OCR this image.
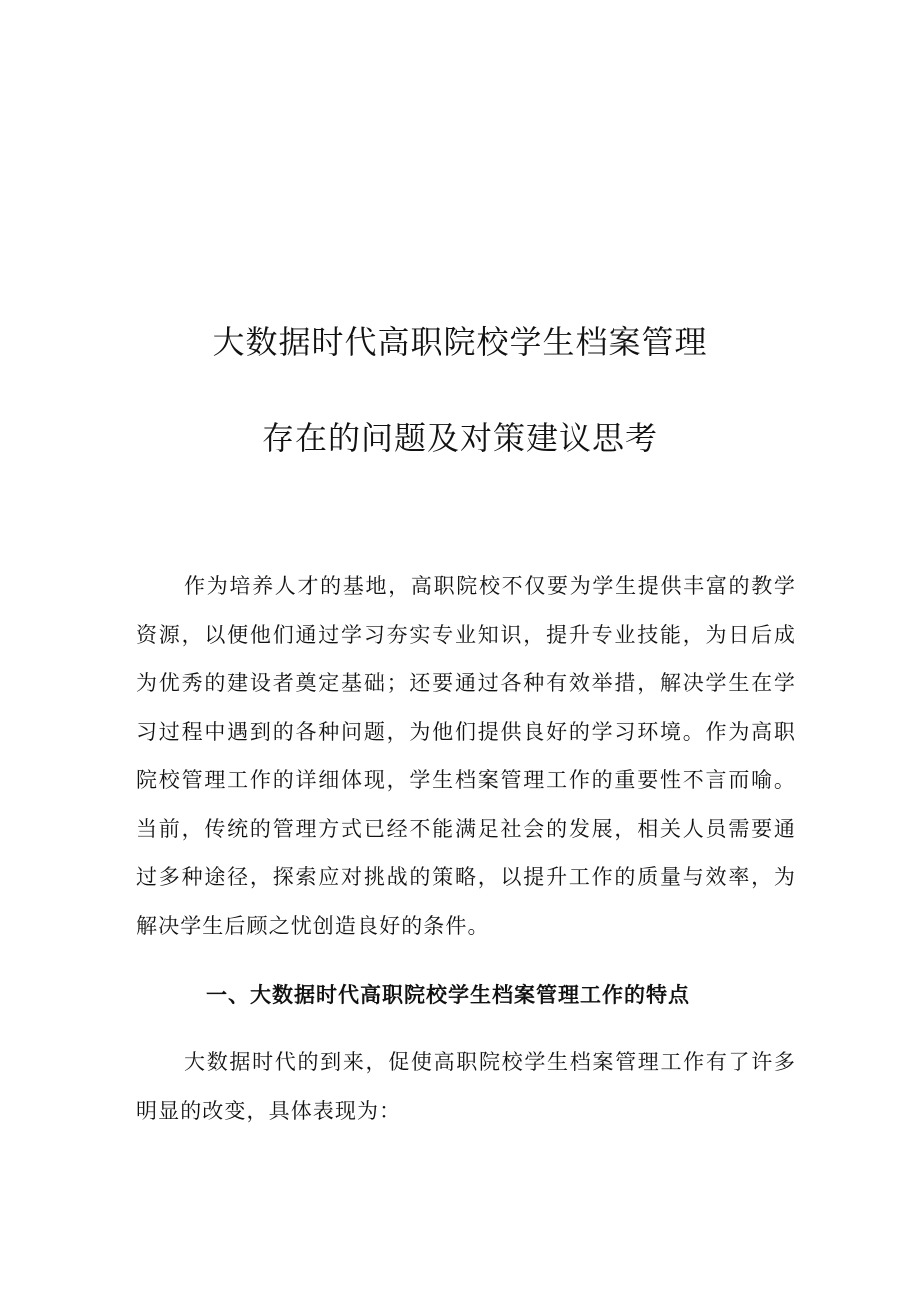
大数据时代高职院校学生档案管理
存在的问题及对策建议思考

作为培养人才的基地，高职院校不仅要为学生提供丰富的教学资源，以便他们通过学习夯实专业知识，提升专业技能，为日后成为优秀的建设者奠定基础；还要通过各种有效举措，解决学生在学习过程中遇到的各种问题，为他们提供良好的学习环境。作为高职院校管理工作的详细体现，学生档案管理工作的重要性不言而喻。当前，传统的管理方式已经不能满足社会的发展，相关人员需要通过多种途径，探索应对挑战的策略，以提升工作的质量与效率，为解决学生后顾之忧创造良好的条件。

一、大数据时代高职院校学生档案管理工作的特点

大数据时代的到来，促使高职院校学生档案管理工作有了许多明显的改变，具体表现为：
